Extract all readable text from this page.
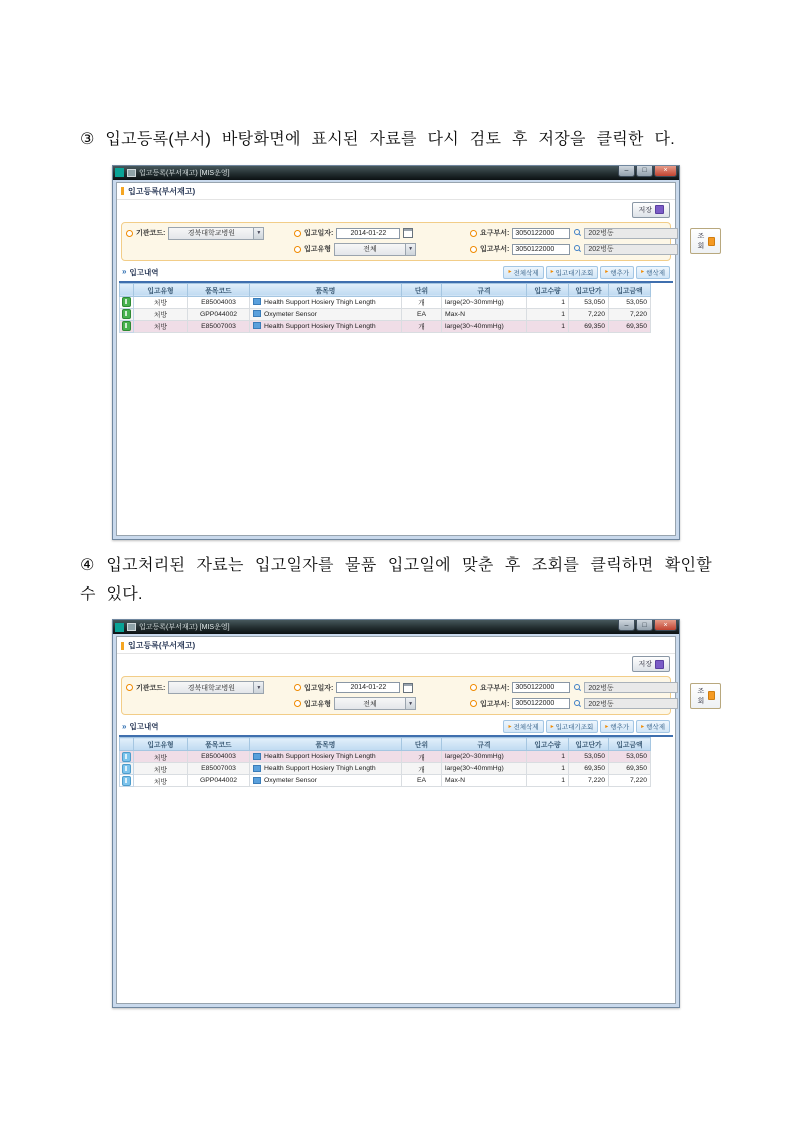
③ 입고등록(부서) 바탕화면에 표시된 자료를 다시 검토 후 저장을 클릭한 다.

입고등록(부서재고) [MIS운영]	– □ ×
입고등록(부서재고)
저장
기관코드:	경북대학교병원	▼	입고일자:	2014-01-22
입고유형	전체	▼
요구부서: 3050122000	202병동
입고부서: 3050122000	202병동
조회
» 입고내역	▸ 전체삭제 ▸ 입고대기조회 ▸ 행추가 ▸ 행삭제
	입고유형	품목코드	품목명	단위	규격	입고수량	입고단가	입고금액

	처방	E85004003	Health Support Hosiery Thigh Length	개	large(20~30mmHg)	1	53,050	53,050

	처방	GPP044002	Oxymeter Sensor	EA	Max-N	1	7,220	7,220

	처방	E85007003	Health Support Hosiery Thigh Length	개	large(30~40mmHg)	1	69,350	69,350

④ 입고처리된 자료는 입고일자를 물품 입고일에 맞춘 후 조회를 클릭하면 확인할 수 있다.

입고등록(부서재고) [MIS운영]	– □ ×
입고등록(부서재고)
저장
기관코드:	경북대학교병원	▼	입고일자:	2014-01-22
입고유형	전체	▼
요구부서: 3050122000	202병동
입고부서: 3050122000	202병동
조회
» 입고내역	▸ 전체삭제 ▸ 입고대기조회 ▸ 행추가 ▸ 행삭제
	입고유형	품목코드	품목명	단위	규격	입고수량	입고단가	입고금액

	처방	E85004003	Health Support Hosiery Thigh Length	개	large(20~30mmHg)	1	53,050	53,050

	처방	E85007003	Health Support Hosiery Thigh Length	개	large(30~40mmHg)	1	69,350	69,350

	처방	GPP044002	Oxymeter Sensor	EA	Max-N	1	7,220	7,220
